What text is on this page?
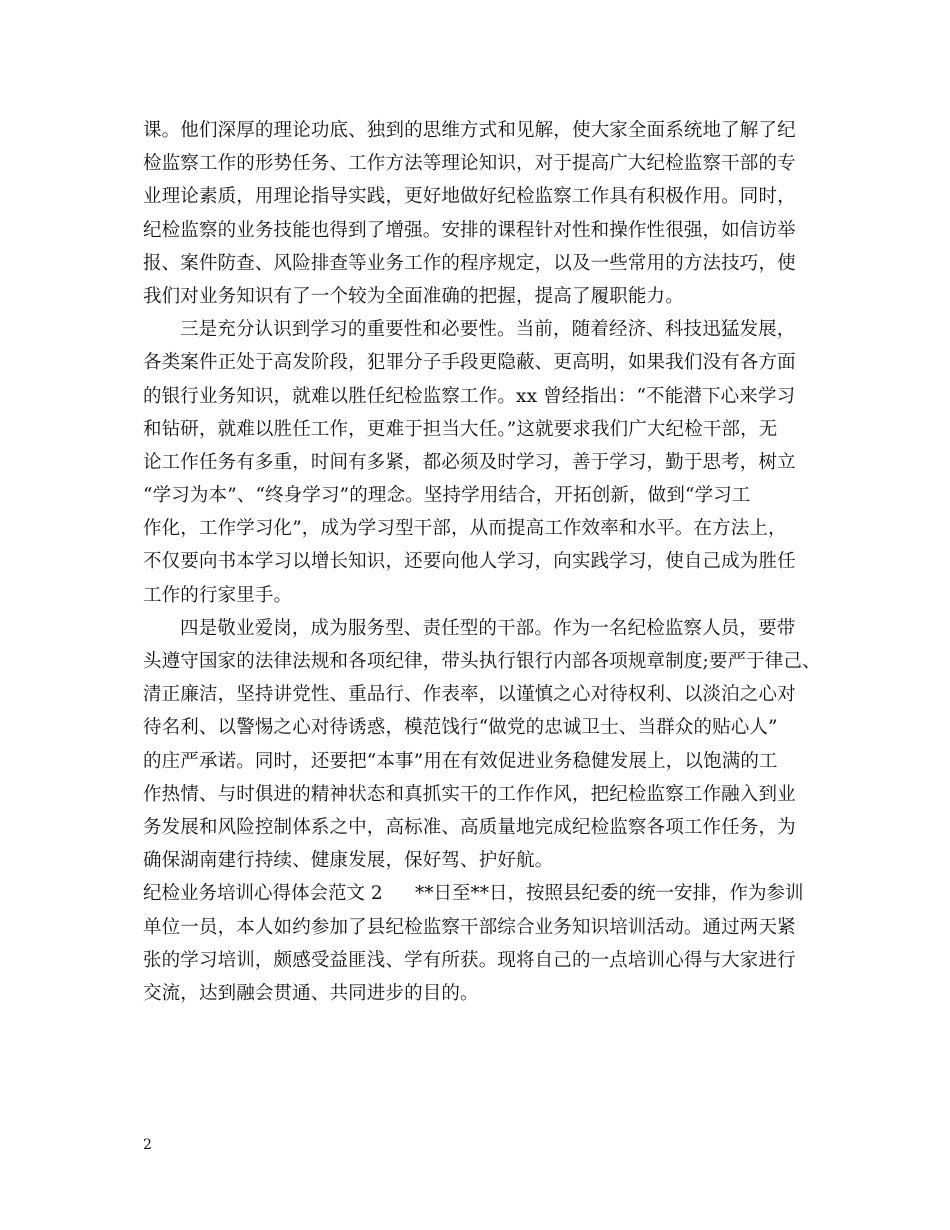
课。他们深厚的理论功底、独到的思维方式和见解，使大家全面系统地了解了纪
检监察工作的形势任务、工作方法等理论知识，对于提高广大纪检监察干部的专
业理论素质，用理论指导实践，更好地做好纪检监察工作具有积极作用。同时，
纪检监察的业务技能也得到了增强。安排的课程针对性和操作性很强，如信访举
报、案件防查、风险排查等业务工作的程序规定，以及一些常用的方法技巧，使
我们对业务知识有了一个较为全面准确的把握，提高了履职能力。
三是充分认识到学习的重要性和必要性。当前，随着经济、科技迅猛发展，
各类案件正处于高发阶段，犯罪分子手段更隐蔽、更高明，如果我们没有各方面
的银行业务知识，就难以胜任纪检监察工作。xx 曾经指出：“不能潜下心来学习
和钻研，就难以胜任工作，更难于担当大任。”这就要求我们广大纪检干部，无
论工作任务有多重，时间有多紧，都必须及时学习，善于学习，勤于思考，树立
“学习为本”、“终身学习”的理念。坚持学用结合，开拓创新，做到“学习工
作化，工作学习化”，成为学习型干部，从而提高工作效率和水平。在方法上，
不仅要向书本学习以增长知识，还要向他人学习，向实践学习，使自己成为胜任
工作的行家里手。
四是敬业爱岗，成为服务型、责任型的干部。作为一名纪检监察人员，要带
头遵守国家的法律法规和各项纪律，带头执行银行内部各项规章制度;要严于律己、
清正廉洁，坚持讲党性、重品行、作表率，以谨慎之心对待权利、以淡泊之心对
待名利、以警惕之心对待诱惑，模范饯行“做党的忠诚卫士、当群众的贴心人”
的庄严承诺。同时，还要把“本事”用在有效促进业务稳健发展上，以饱满的工
作热情、与时俱进的精神状态和真抓实干的工作作风，把纪检监察工作融入到业
务发展和风险控制体系之中，高标准、高质量地完成纪检监察各项工作任务，为
确保湖南建行持续、健康发展，保好驾、护好航。
纪检业务培训心得体会范文 2 **日至**日，按照县纪委的统一安排，作为参训
单位一员，本人如约参加了县纪检监察干部综合业务知识培训活动。通过两天紧
张的学习培训，颇感受益匪浅、学有所获。现将自己的一点培训心得与大家进行
交流，达到融会贯通、共同进步的目的。
2
